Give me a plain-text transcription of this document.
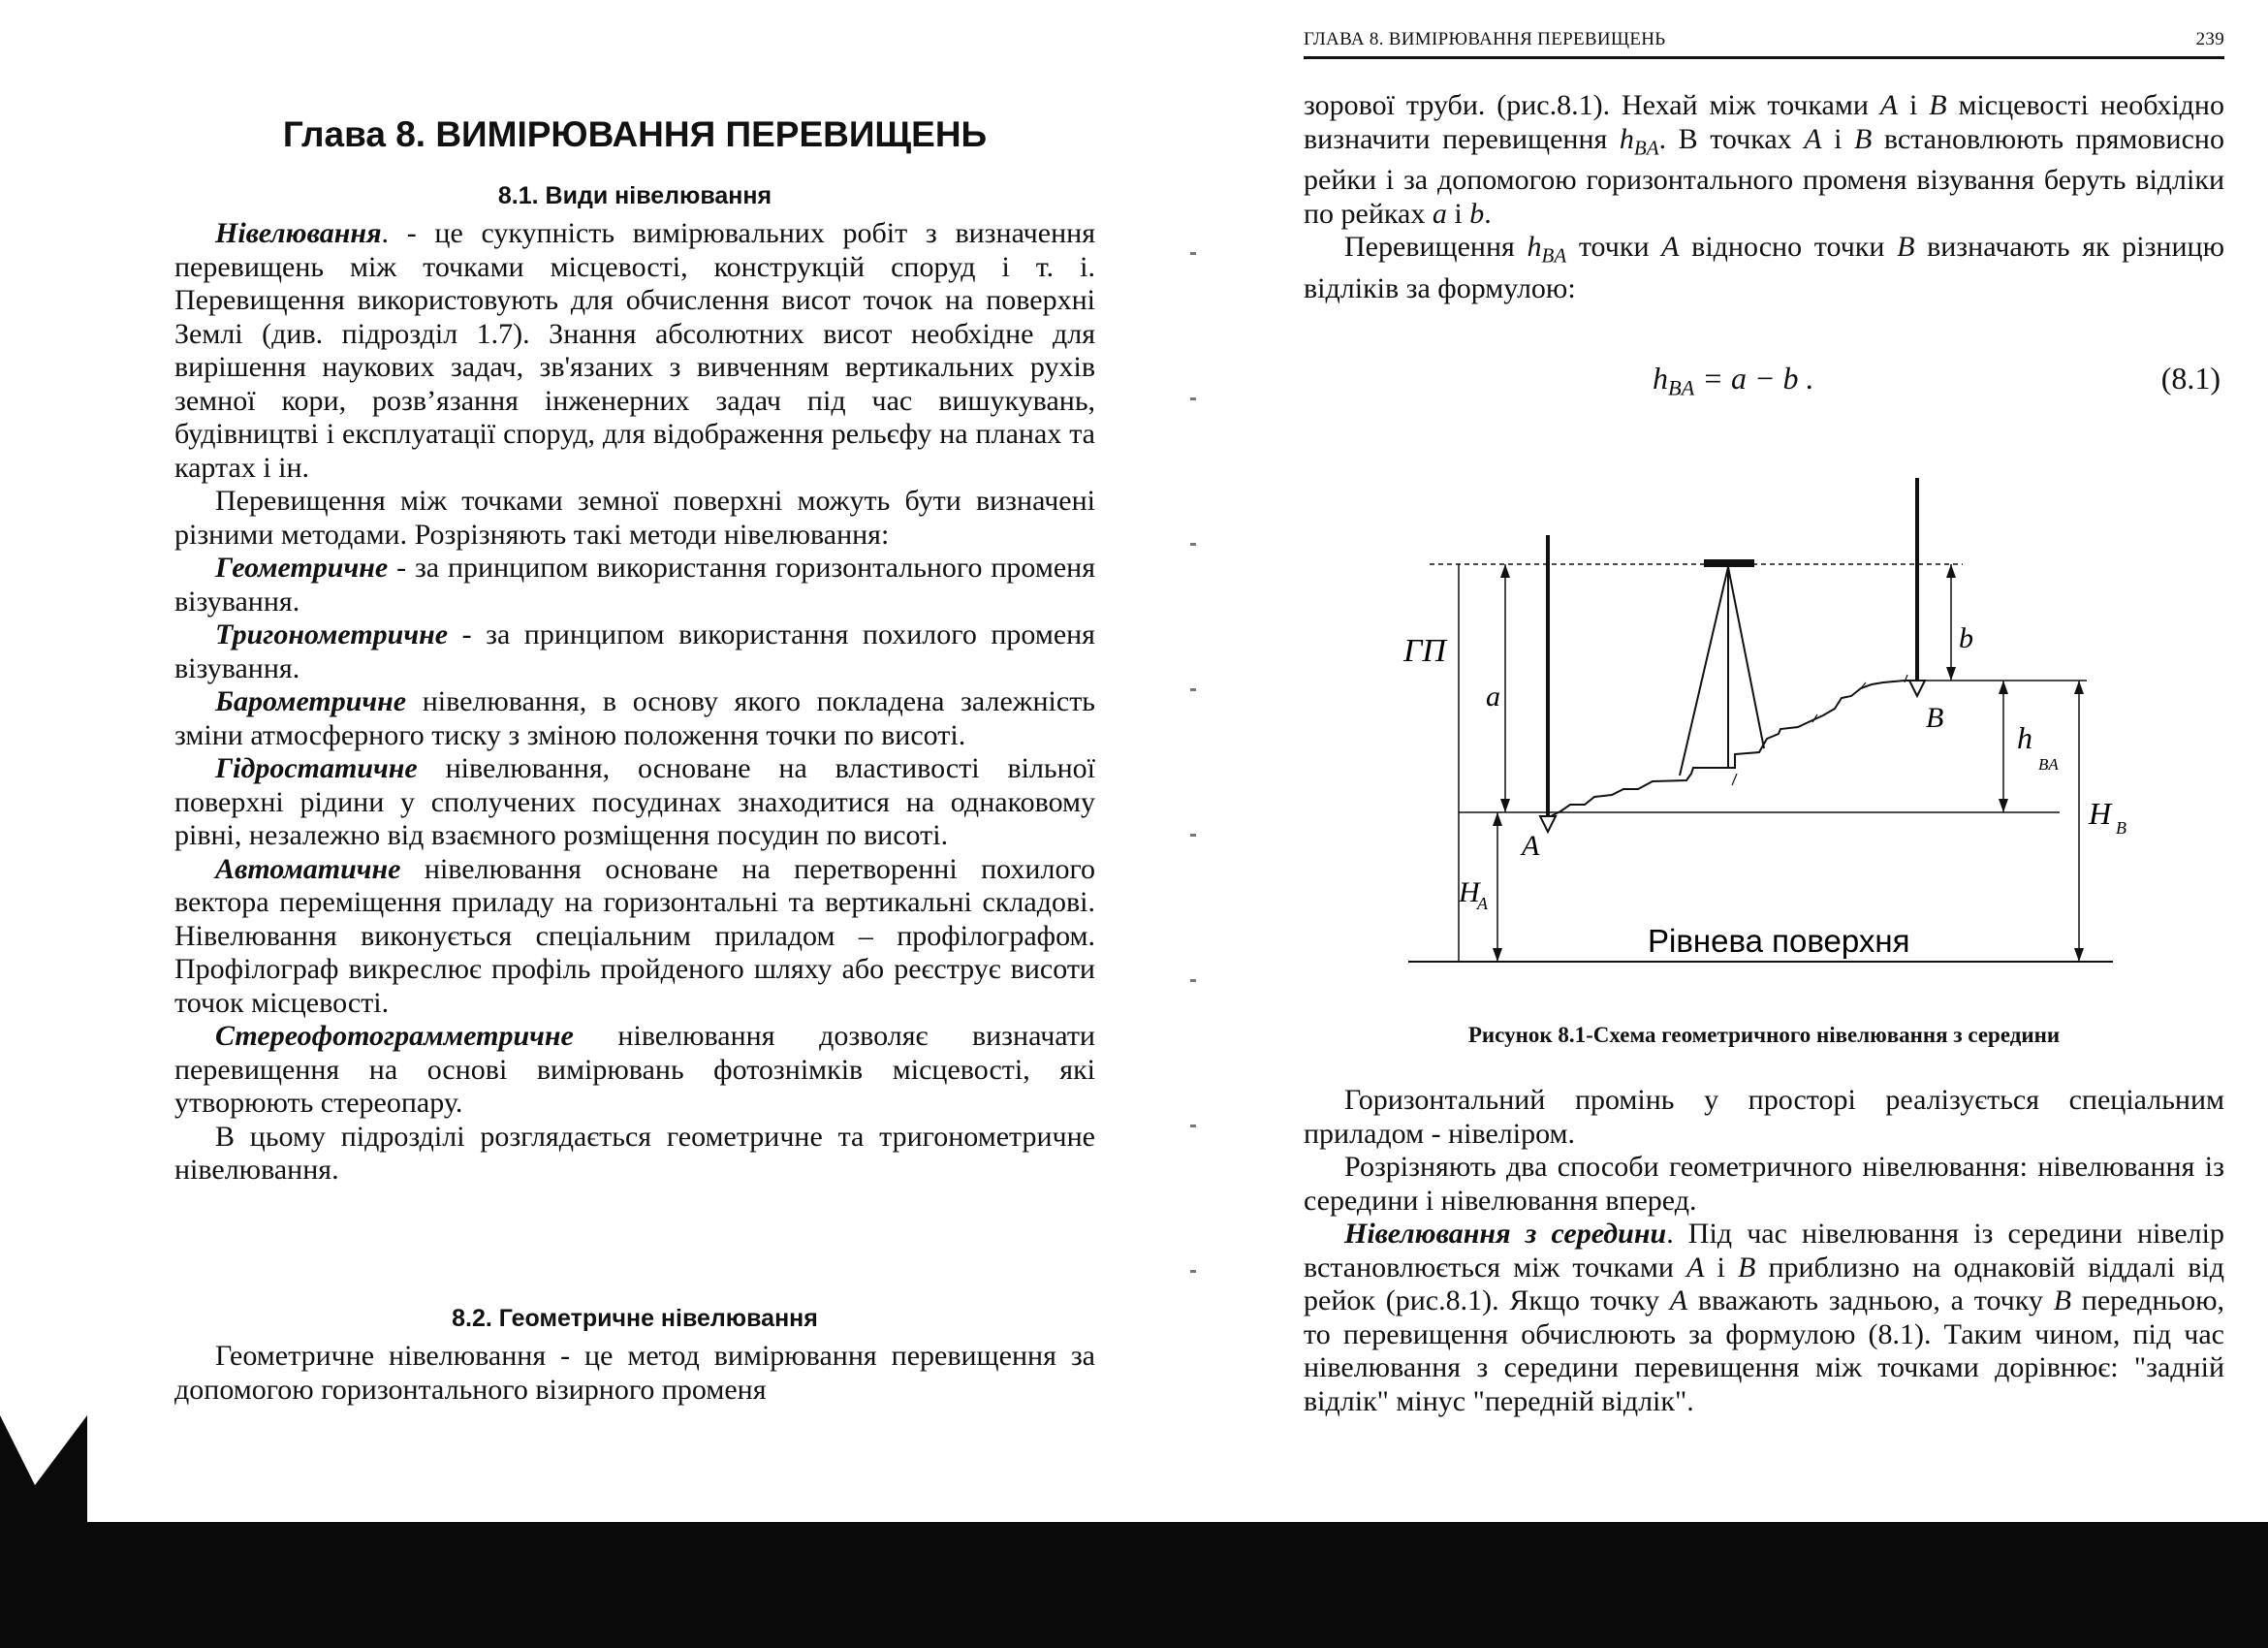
Глава 8. ВИМІРЮВАННЯ ПЕРЕВИЩЕНЬ
8.1. Види нівелювання

Нівелювання. - це сукупність вимірювальних робіт з визначення перевищень між точками місцевості, конструкцій споруд і т. і. Перевищення використовують для обчислення висот точок на поверхні Землі (див. підрозділ 1.7). Знання абсолютних висот необхідне для вирішення наукових задач, зв'язаних з вивченням вертикальних рухів земної кори, розв’язання інженерних задач під час вишукувань, будівництві і експлуатації споруд, для відображення рельєфу на планах та картах і ін.

Перевищення між точками земної поверхні можуть бути визначені різними методами. Розрізняють такі методи нівелювання:

Геометричне - за принципом використання горизонтального променя візування.

Тригонометричне - за принципом використання похилого променя візування.

Барометричне нівелювання, в основу якого покладена залежність зміни атмосферного тиску з зміною положення точки по висоті.

Гідростатичне нівелювання, основане на властивості вільної поверхні рідини у сполучених посудинах знаходитися на однаковому рівні, незалежно від взаємного розміщення посудин по висоті.

Автоматичне нівелювання основане на перетворенні похилого вектора переміщення приладу на горизонтальні та вертикальні складові. Нівелювання виконується спеціальним приладом – профілографом. Профілограф викреслює профіль пройденого шляху або реєструє висоти точок місцевості.

Стереофотограмметричне нівелювання дозволяє визначати перевищення на основі вимірювань фотознімків місцевості, які утворюють стереопару.

В цьому підрозділі розглядається геометричне та тригонометричне нівелювання.

8.2. Геометричне нівелювання

Геометричне нівелювання - це метод вимірювання перевищення за допомогою горизонтального візирного променя

ГЛАВА 8. ВИМІРЮВАННЯ ПЕРЕВИЩЕНЬ	239

зорової труби. (рис.8.1). Нехай між точками A і B місцевості необхідно визначити перевищення $h_{BA}$. В точках A і B встановлюють прямовисно рейки і за допомогою горизонтального променя візування беруть відліки по рейках a і b.

Перевищення $h_{BA}$ точки A відносно точки B визначають як різницю відліків за формулою:

$h_{BA} = a - b$ .	(8.1)
ГП
a
A
H
A
b
B
h
BA
H B
Рівнева поверхня
Рисунок 8.1-Схема геометричного нівелювання з середини

Горизонтальний промінь у просторі реалізується спеціальним приладом - нівеліром.

Розрізняють два способи геометричного нівелювання: нівелювання із середини і нівелювання вперед.

Нівелювання з середини. Під час нівелювання із середини нівелір встановлюється між точками A і B приблизно на однаковій віддалі від рейок (рис.8.1). Якщо точку A вважають задньою, а точку B передньою, то перевищення обчислюють за формулою (8.1). Таким чином, під час нівелювання з середини перевищення між точками дорівнює: "задній відлік" мінус "передній відлік".
